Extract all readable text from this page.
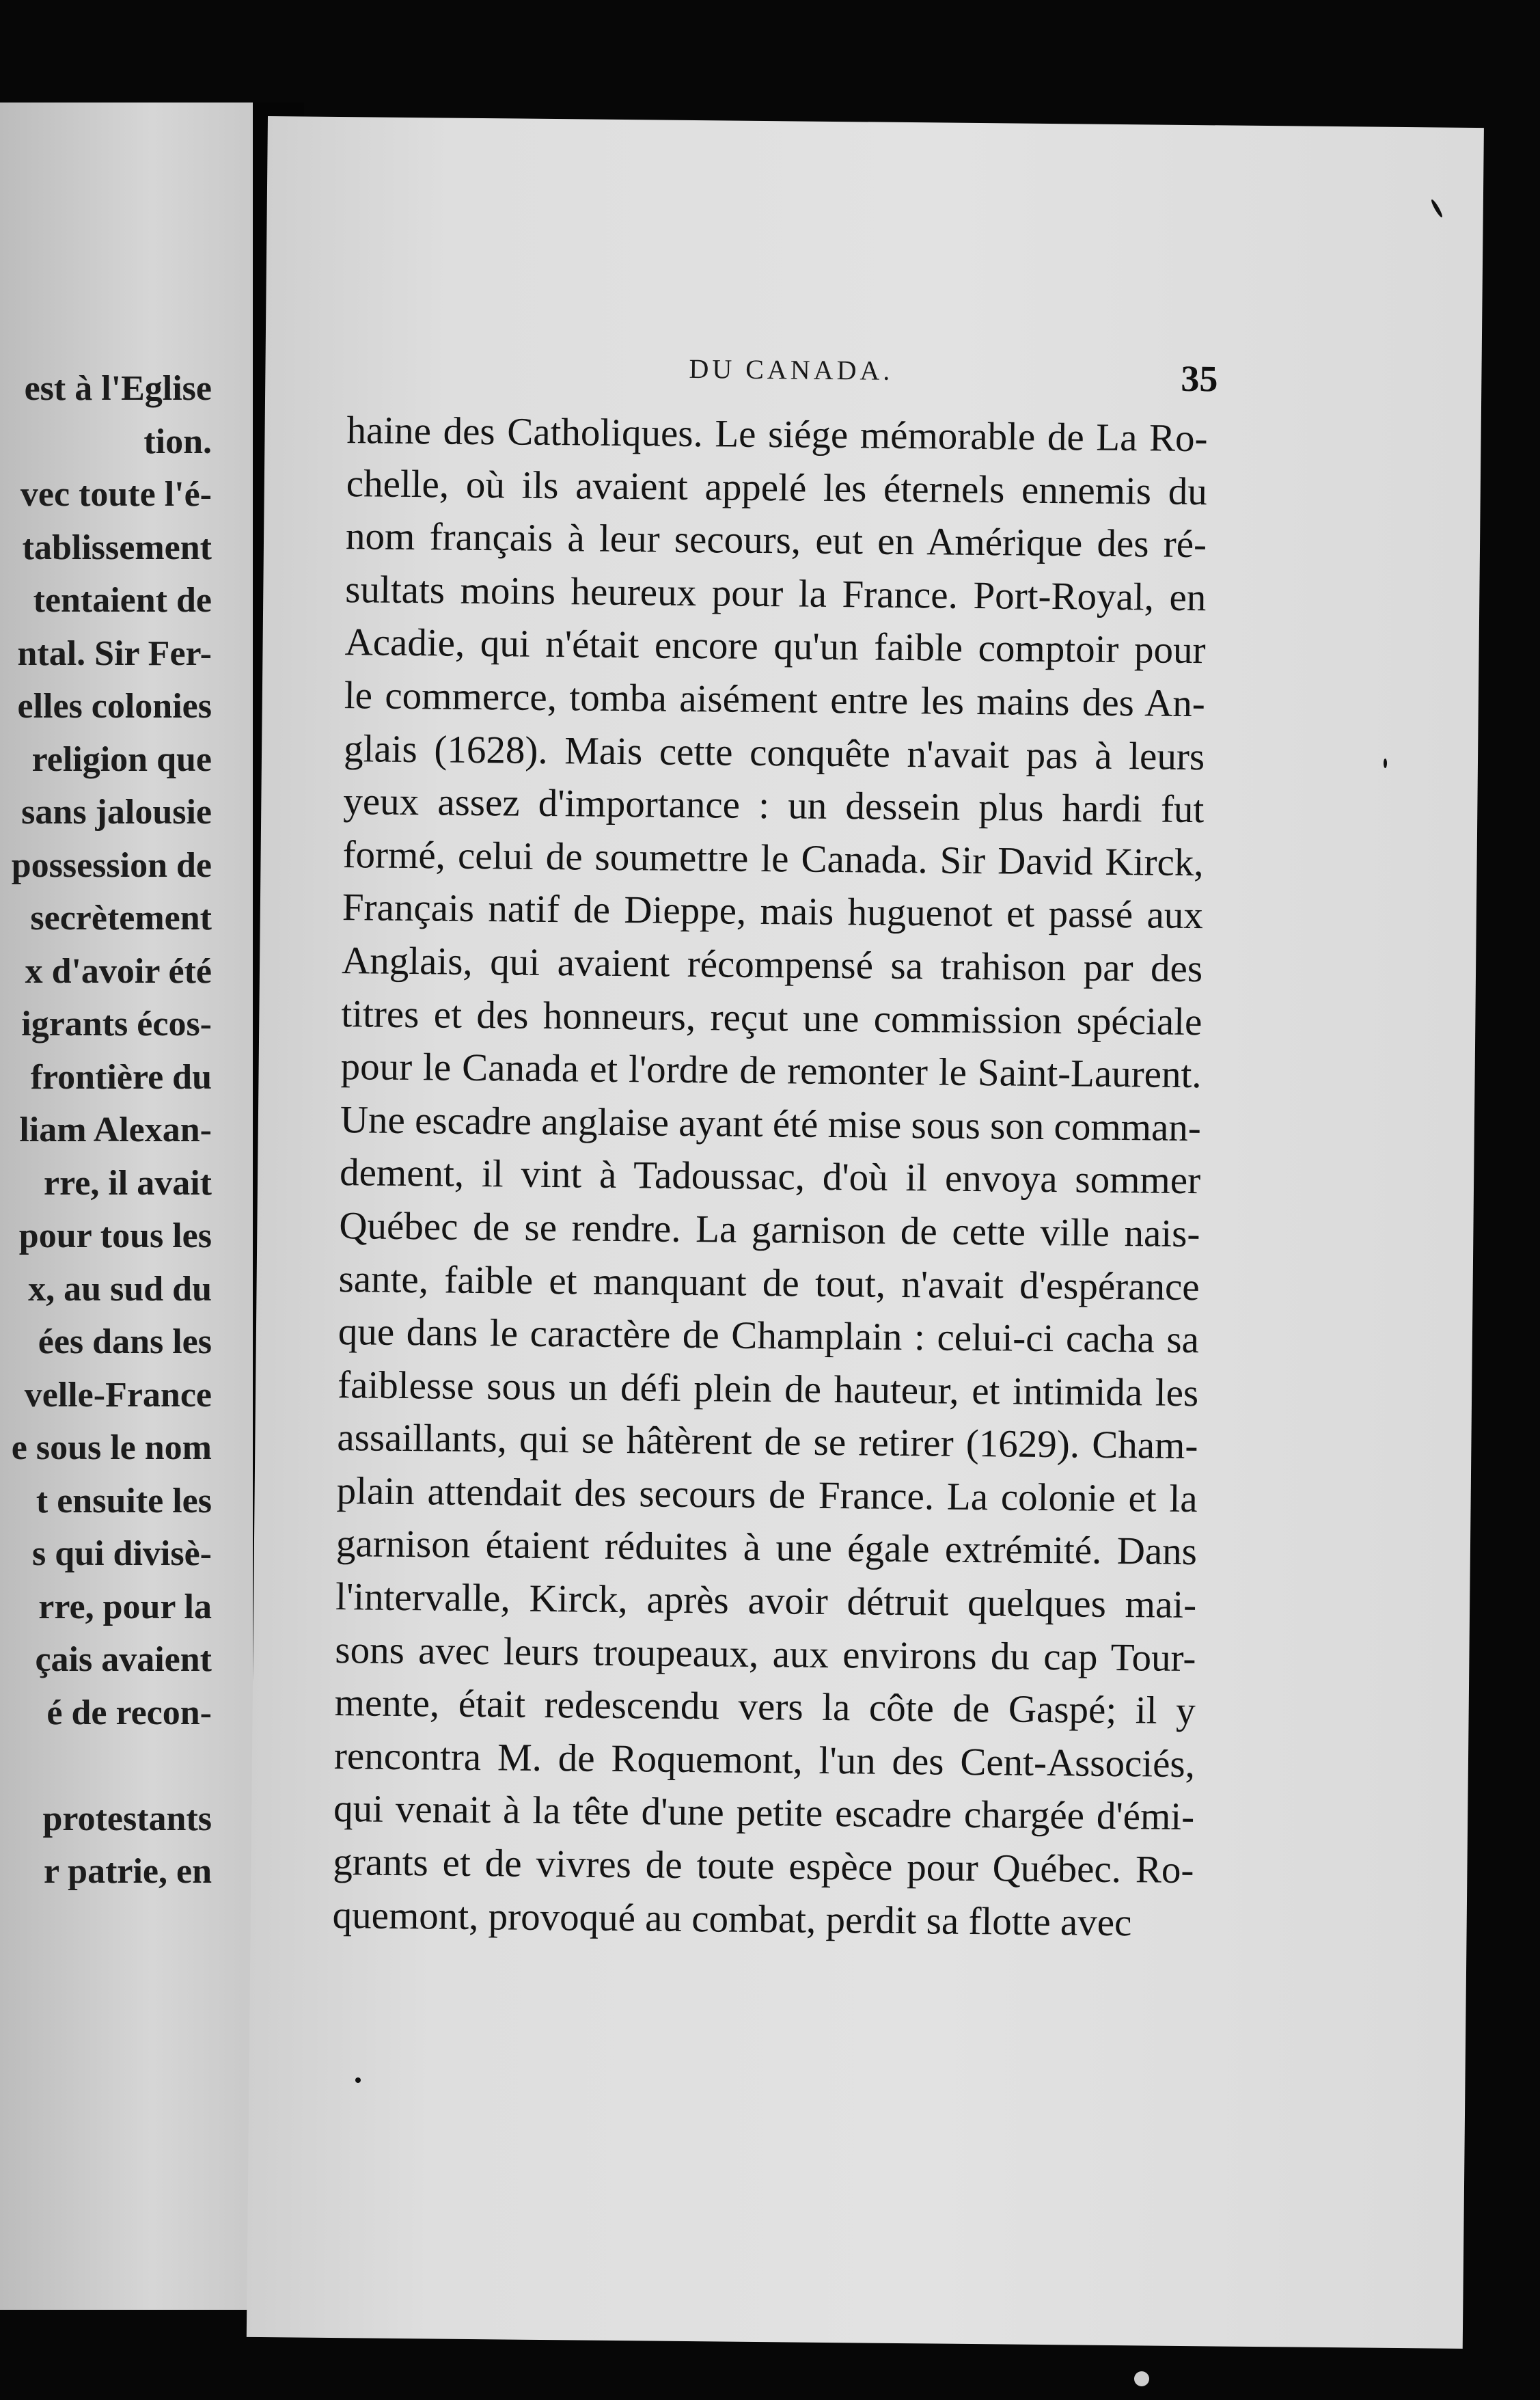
est à l'Eglise
tion.
vec toute l'é-
tablissement
tentaient de
ntal. Sir Fer-
elles colonies
religion que
sans jalousie
possession de
secrètement
x d'avoir été
igrants écos-
frontière du
liam Alexan-
rre, il avait
pour tous les
x, au sud du
ées dans les
velle-France
e sous le nom
t ensuite les
s qui divisè-
rre, pour la
çais avaient
é de recon-
protestants
r patrie, en
DU CANADA.	35
haine des Catholiques. Le siége mémorable de La Ro-
chelle, où ils avaient appelé les éternels ennemis du
nom français à leur secours, eut en Amérique des ré-
sultats moins heureux pour la France. Port-Royal, en
Acadie, qui n'était encore qu'un faible comptoir pour
le commerce, tomba aisément entre les mains des An-
glais (1628). Mais cette conquête n'avait pas à leurs
yeux assez d'importance : un dessein plus hardi fut
formé, celui de soumettre le Canada. Sir David Kirck,
Français natif de Dieppe, mais huguenot et passé aux
Anglais, qui avaient récompensé sa trahison par des
titres et des honneurs, reçut une commission spéciale
pour le Canada et l'ordre de remonter le Saint-Laurent.
Une escadre anglaise ayant été mise sous son comman-
dement, il vint à Tadoussac, d'où il envoya sommer
Québec de se rendre. La garnison de cette ville nais-
sante, faible et manquant de tout, n'avait d'espérance
que dans le caractère de Champlain : celui-ci cacha sa
faiblesse sous un défi plein de hauteur, et intimida les
assaillants, qui se hâtèrent de se retirer (1629). Cham-
plain attendait des secours de France. La colonie et la
garnison étaient réduites à une égale extrémité. Dans
l'intervalle, Kirck, après avoir détruit quelques mai-
sons avec leurs troupeaux, aux environs du cap Tour-
mente, était redescendu vers la côte de Gaspé; il y
rencontra M. de Roquemont, l'un des Cent-Associés,
qui venait à la tête d'une petite escadre chargée d'émi-
grants et de vivres de toute espèce pour Québec. Ro-
quemont, provoqué au combat, perdit sa flotte avec
